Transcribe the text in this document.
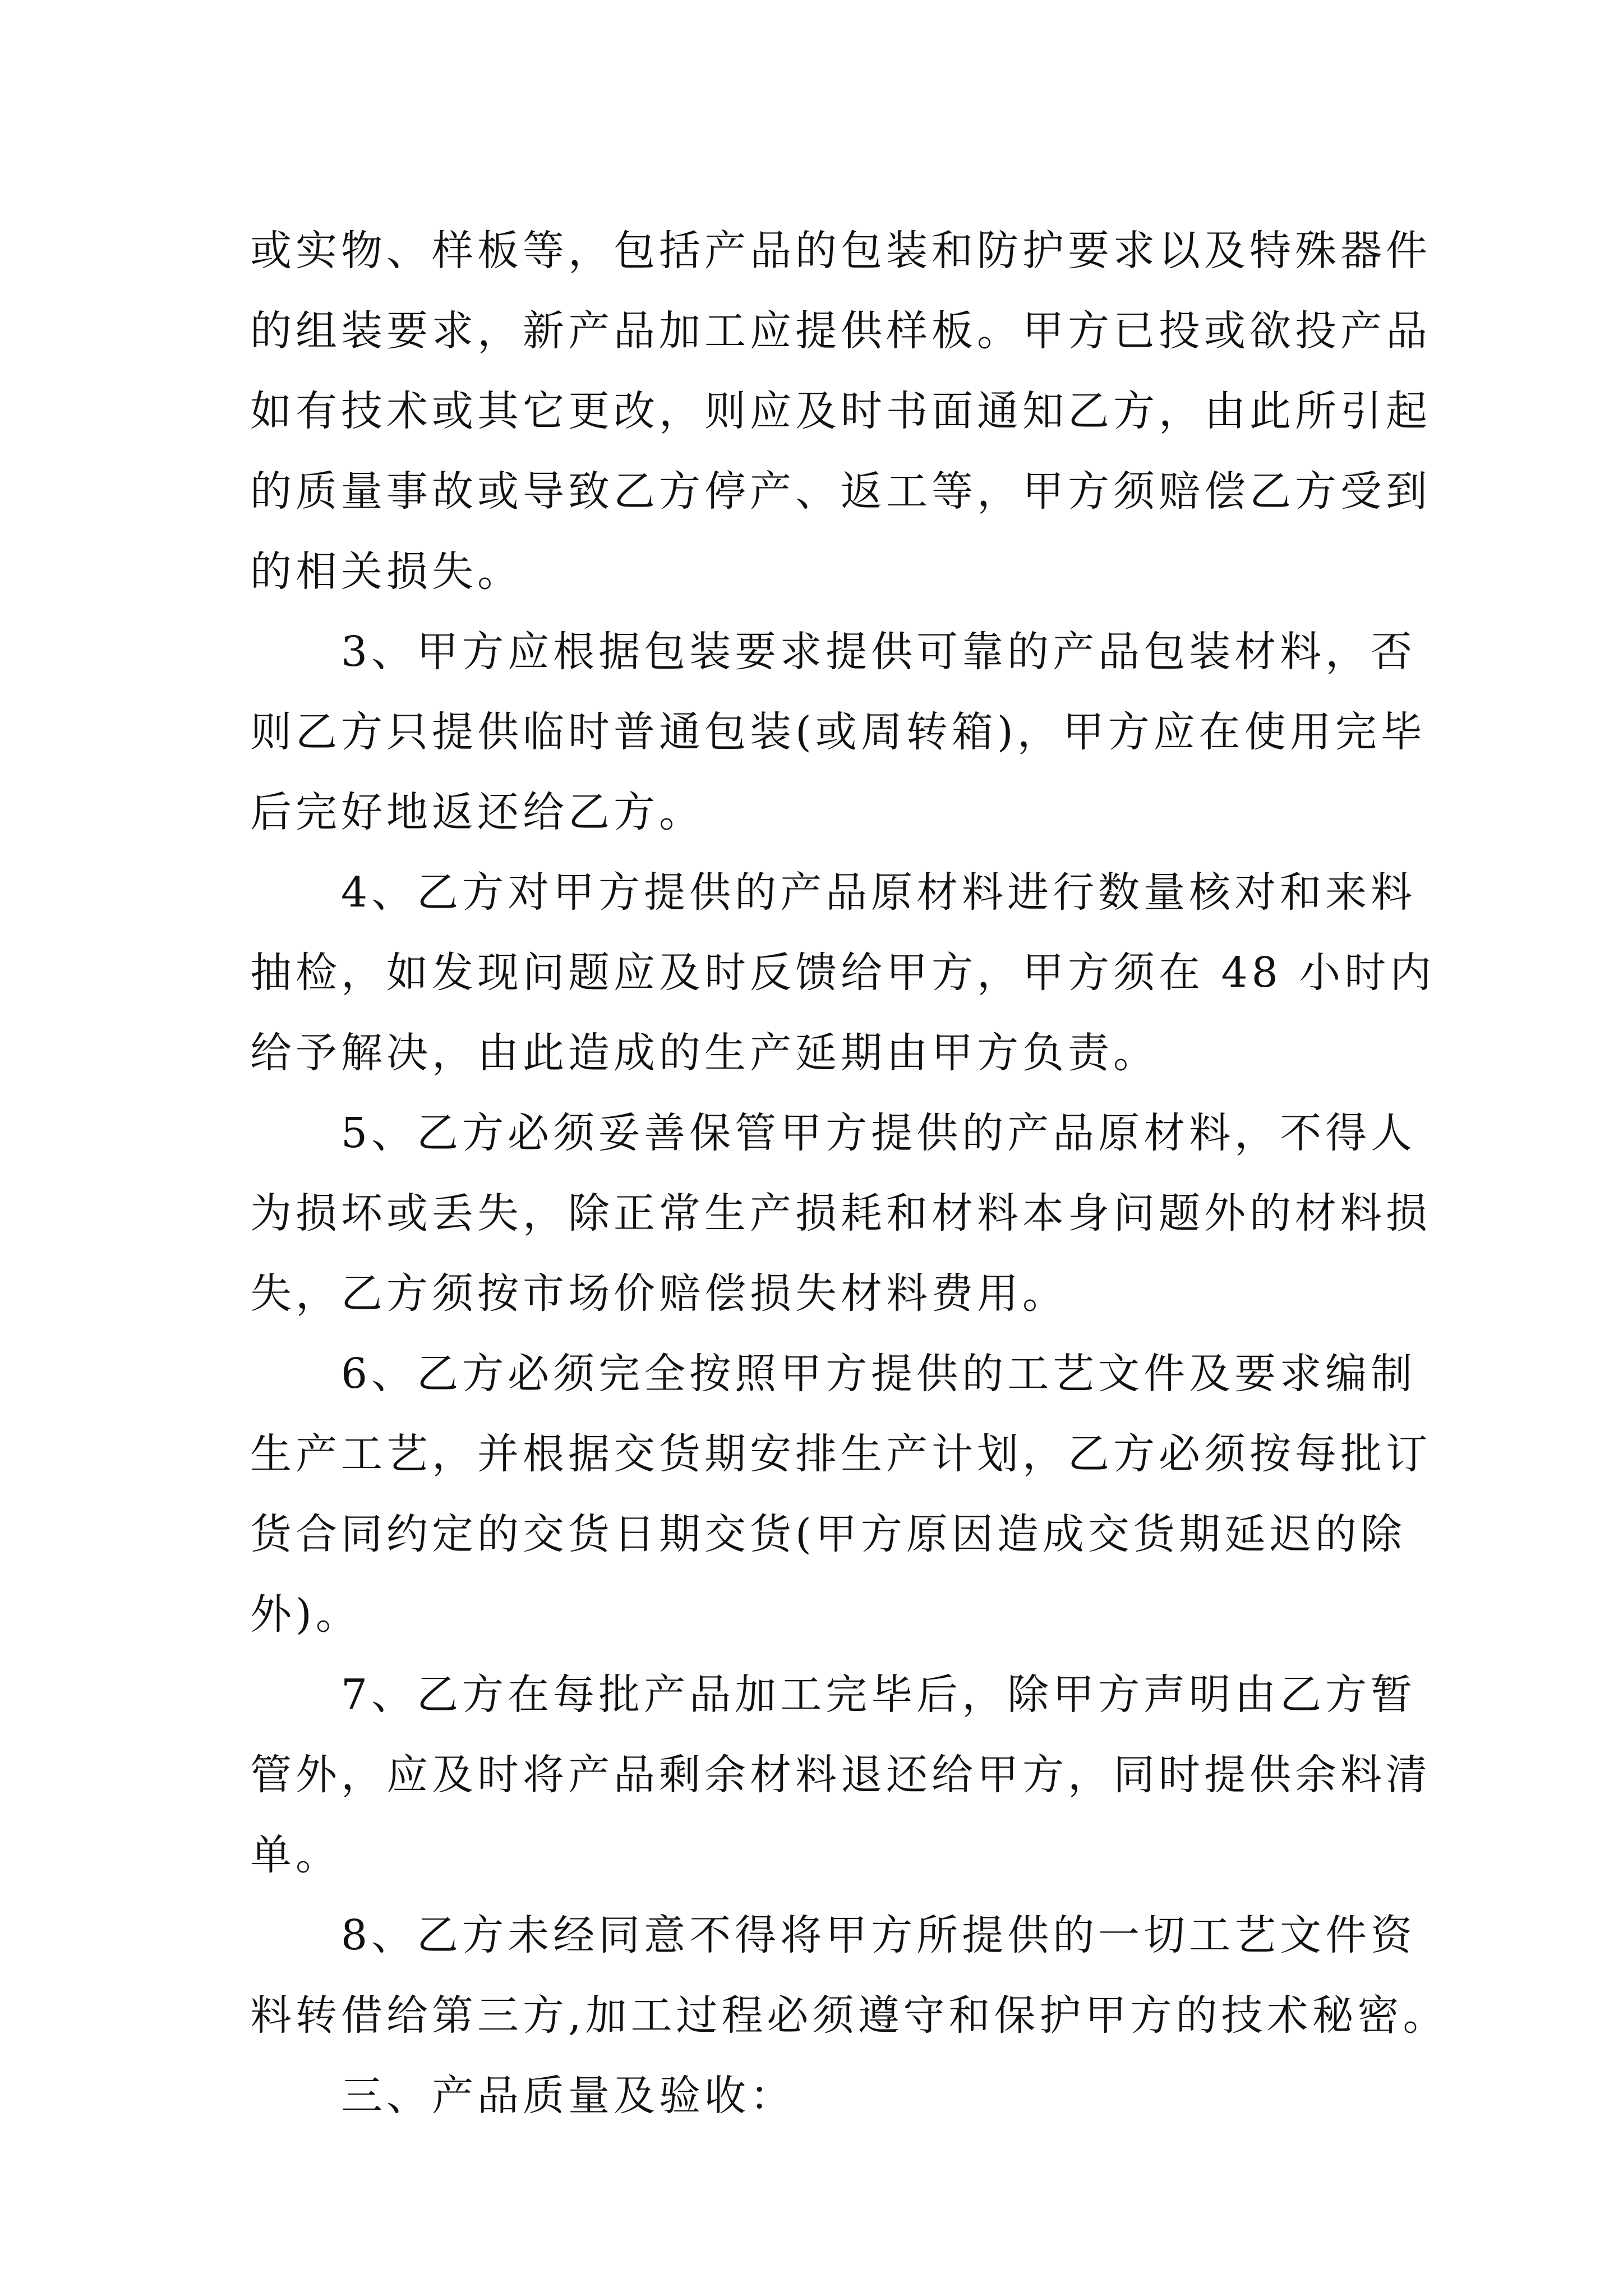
或实物、样板等，包括产品的包装和防护要求以及特殊器件
的组装要求，新产品加工应提供样板。甲方已投或欲投产品
如有技术或其它更改，则应及时书面通知乙方，由此所引起
的质量事故或导致乙方停产、返工等，甲方须赔偿乙方受到
的相关损失。

3、甲方应根据包装要求提供可靠的产品包装材料，否
则乙方只提供临时普通包装(或周转箱)，甲方应在使用完毕
后完好地返还给乙方。

4、乙方对甲方提供的产品原材料进行数量核对和来料
抽检，如发现问题应及时反馈给甲方，甲方须在 48 小时内
给予解决，由此造成的生产延期由甲方负责。

5、乙方必须妥善保管甲方提供的产品原材料，不得人
为损坏或丢失，除正常生产损耗和材料本身问题外的材料损
失，乙方须按市场价赔偿损失材料费用。

6、乙方必须完全按照甲方提供的工艺文件及要求编制
生产工艺，并根据交货期安排生产计划，乙方必须按每批订
货合同约定的交货日期交货(甲方原因造成交货期延迟的除
外)。

7、乙方在每批产品加工完毕后，除甲方声明由乙方暂
管外，应及时将产品剩余材料退还给甲方，同时提供余料清
单。

8、乙方未经同意不得将甲方所提供的一切工艺文件资
料转借给第三方,加工过程必须遵守和保护甲方的技术秘密。

三、产品质量及验收：
